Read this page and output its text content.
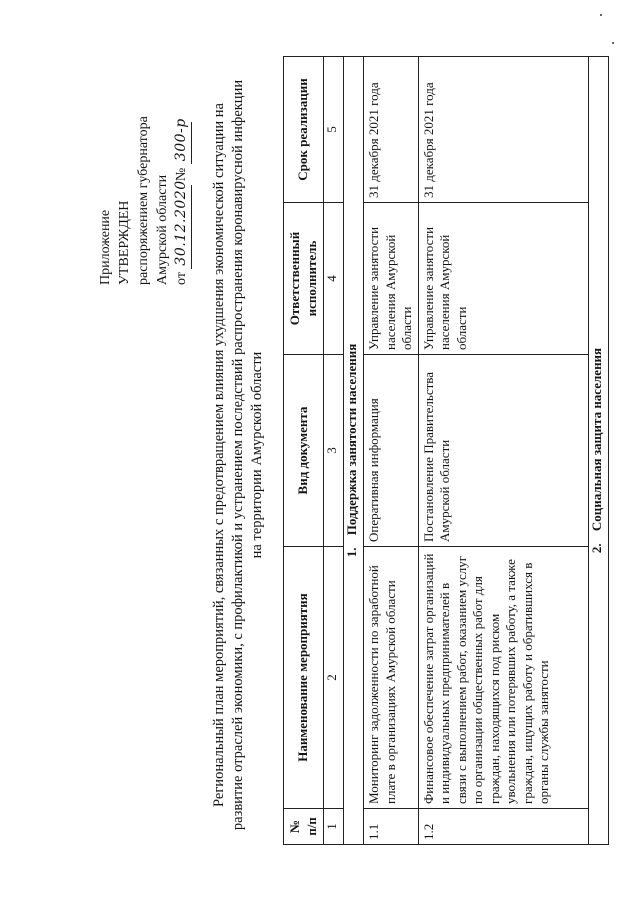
Приложение УТВЕРЖДЕН распоряжением губернатора Амурской области от 30.12.2020 № 300-р Региональный план мероприятий, связанных с предотвращением влияния ухудшения экономической ситуации на развитие отраслей экономики, с профилактикой и устранением последствий распространения коронавирусной инфекции на территории Амурской области
№ п/п	Наименование мероприятия	Вид документа	Ответственный исполнитель	Срок реализации
1	2	3	4	5
1.Поддержка занятости населения				
1.1	Мониторинг задолженности по заработной плате в организациях Амурской области	Оперативная информация	Управление занятости населения Амурской области	31 декабря 2021 года
1.2	Финансовое обеспечение затрат организаций и индивидуальных предпринимателей в связи с выполнением работ, оказанием услуг по организации общественных работ для граждан, находящихся под риском увольнения или потерявших работу, а также граждан, ищущих работу и обратившихся в органы службы занятости	Постановление Правительства Амурской области	Управление занятости населения Амурской области	31 декабря 2021 года
2.Социальная защита населения				
